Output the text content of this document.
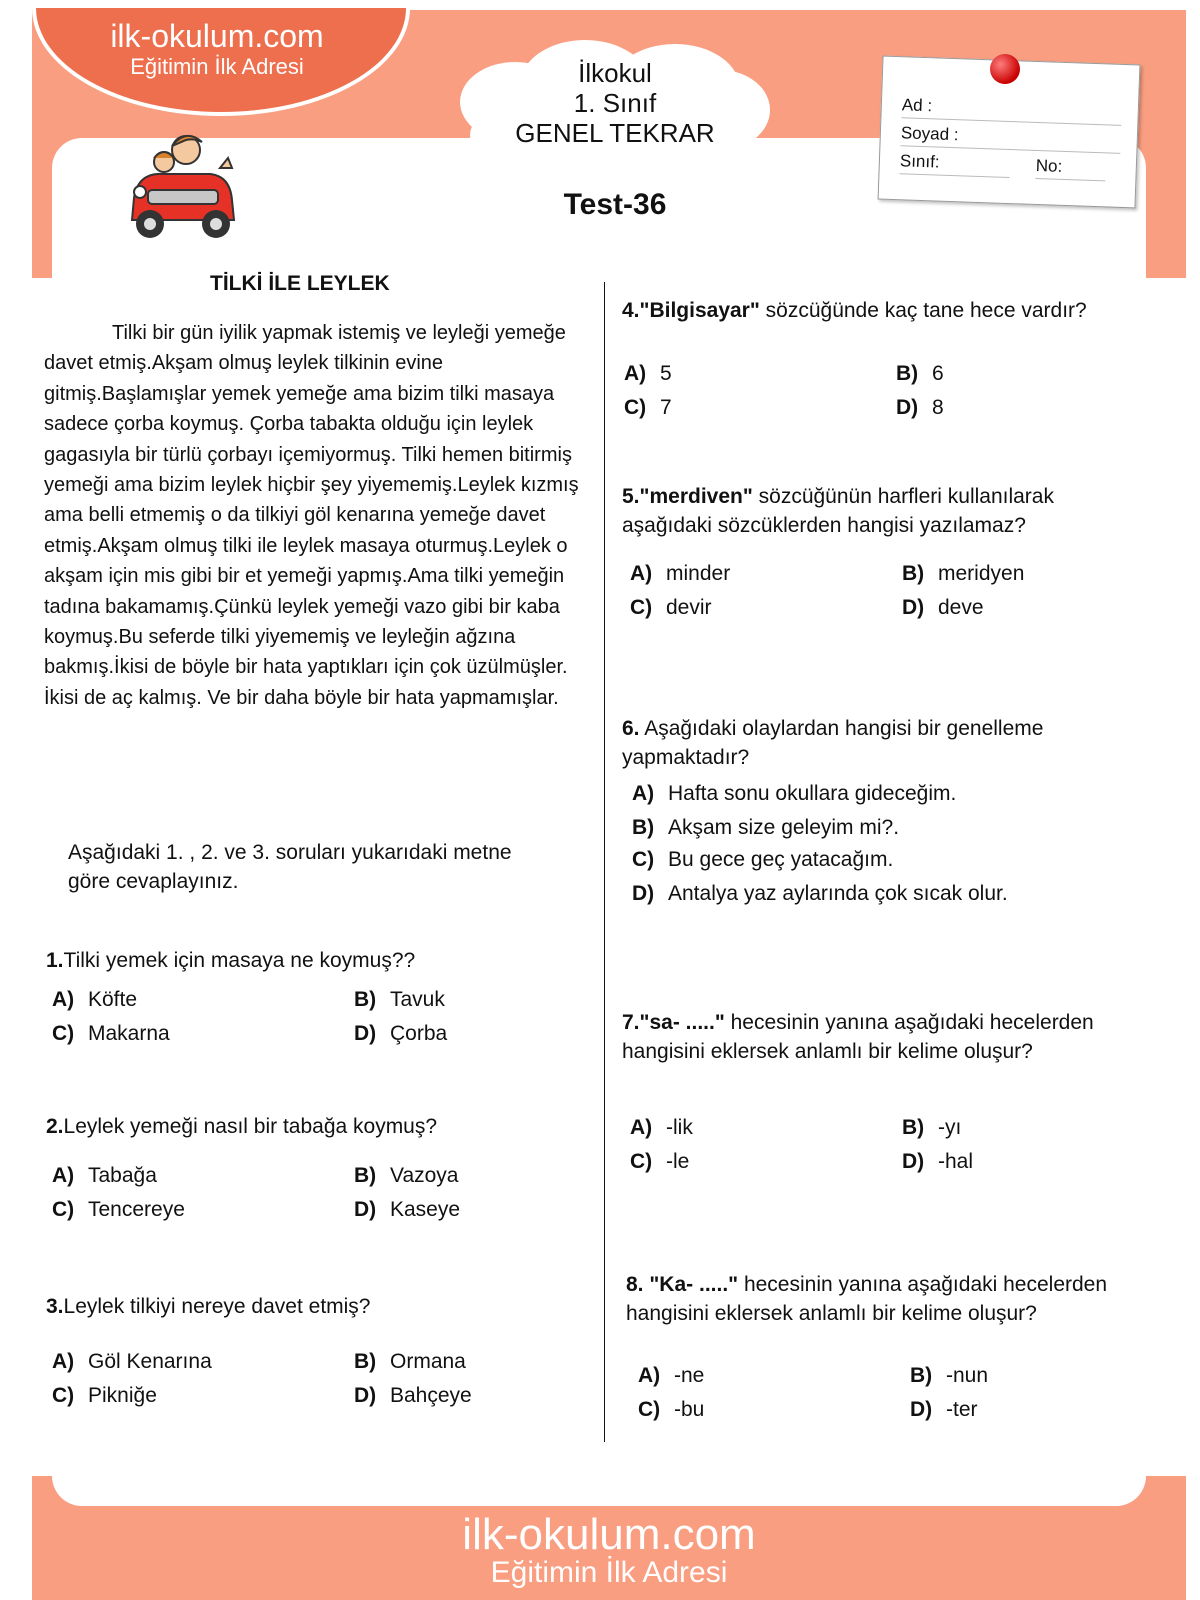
ilk-okulum.com
Eğitimin İlk Adresi	İlkokul
1. Sınıf
GENEL TEKRAR
Ad :
Soyad :
Sınıf:	No:
Test-36
TİLKİ İLE LEYLEK

Tilki bir gün iyilik yapmak istemiş ve leyleği yemeğe davet etmiş.Akşam olmuş leylek tilkinin evine gitmiş.Başlamışlar yemek yemeğe ama bizim tilki masaya sadece çorba koymuş. Çorba tabakta olduğu için leylek gagasıyla bir türlü çorbayı içemiyormuş. Tilki hemen bitirmiş yemeği ama bizim leylek hiçbir şey yiyememiş.Leylek kızmış ama belli etmemiş o da tilkiyi göl kenarına yemeğe davet etmiş.Akşam olmuş tilki ile leylek masaya oturmuş.Leylek o akşam için mis gibi bir et yemeği yapmış.Ama tilki yemeğin tadına bakamamış.Çünkü leylek yemeği vazo gibi bir kaba koymuş.Bu seferde tilki yiyememiş ve leyleğin ağzına bakmış.İkisi de böyle bir hata yaptıkları için çok üzülmüşler. İkisi de aç kalmış. Ve bir daha böyle bir hata yapmamışlar.

Aşağıdaki 1. , 2. ve 3. soruları yukarıdaki metne göre cevaplayınız.
1.Tilki yemek için masaya ne koymuş??
A) Köfte	B) Tavuk
C) Makarna	D) Çorba
2.Leylek yemeği nasıl bir tabağa koymuş?
A) Tabağa	B) Vazoya
C) Tencereye	D) Kaseye
3.Leylek tilkiyi nereye davet etmiş?
A) Göl Kenarına	B) Ormana
C) Pikniğe	D) Bahçeye
4."Bilgisayar" sözcüğünde kaç tane hece vardır?
A) 5	B) 6
C) 7	D) 8
5."merdiven" sözcüğünün harfleri kullanılarak aşağıdaki sözcüklerden hangisi yazılamaz?
A) minder	B) meridyen
C) devir	D) deve
6. Aşağıdaki olaylardan hangisi bir genelleme yapmaktadır?
A) Hafta sonu okullara gideceğim.
B) Akşam size geleyim mi?.
C) Bu gece geç yatacağım.
D) Antalya yaz aylarında çok sıcak olur.
7."sa- ....." hecesinin yanına aşağıdaki hecelerden hangisini eklersek anlamlı bir kelime oluşur?
A) -lik	B) -yı
C) -le	D) -hal
8. "Ka- ....." hecesinin yanına aşağıdaki hecelerden hangisini eklersek anlamlı bir kelime oluşur?
A) -ne	B) -nun
C) -bu	D) -ter
ilk-okulum.com
Eğitimin İlk Adresi
